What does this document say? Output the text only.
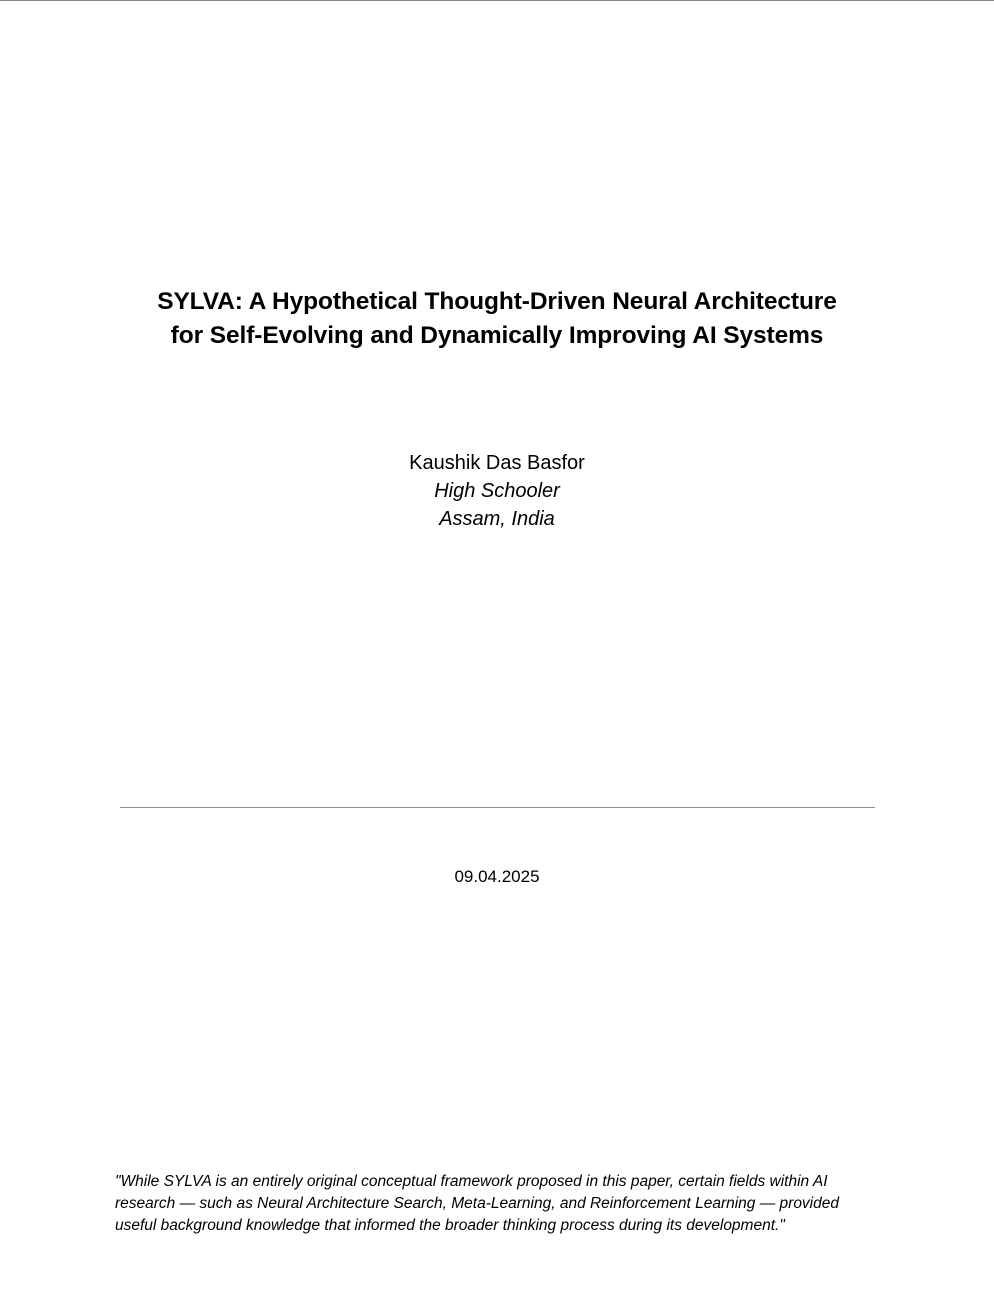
SYLVA: A Hypothetical Thought-Driven Neural Architecture
for Self-Evolving and Dynamically Improving AI Systems
Kaushik Das Basfor
High Schooler
Assam, India
09.04.2025

"While SYLVA is an entirely original conceptual framework proposed in this paper, certain fields within AI
research — such as Neural Architecture Search, Meta-Learning, and Reinforcement Learning — provided
useful background knowledge that informed the broader thinking process during its development."
